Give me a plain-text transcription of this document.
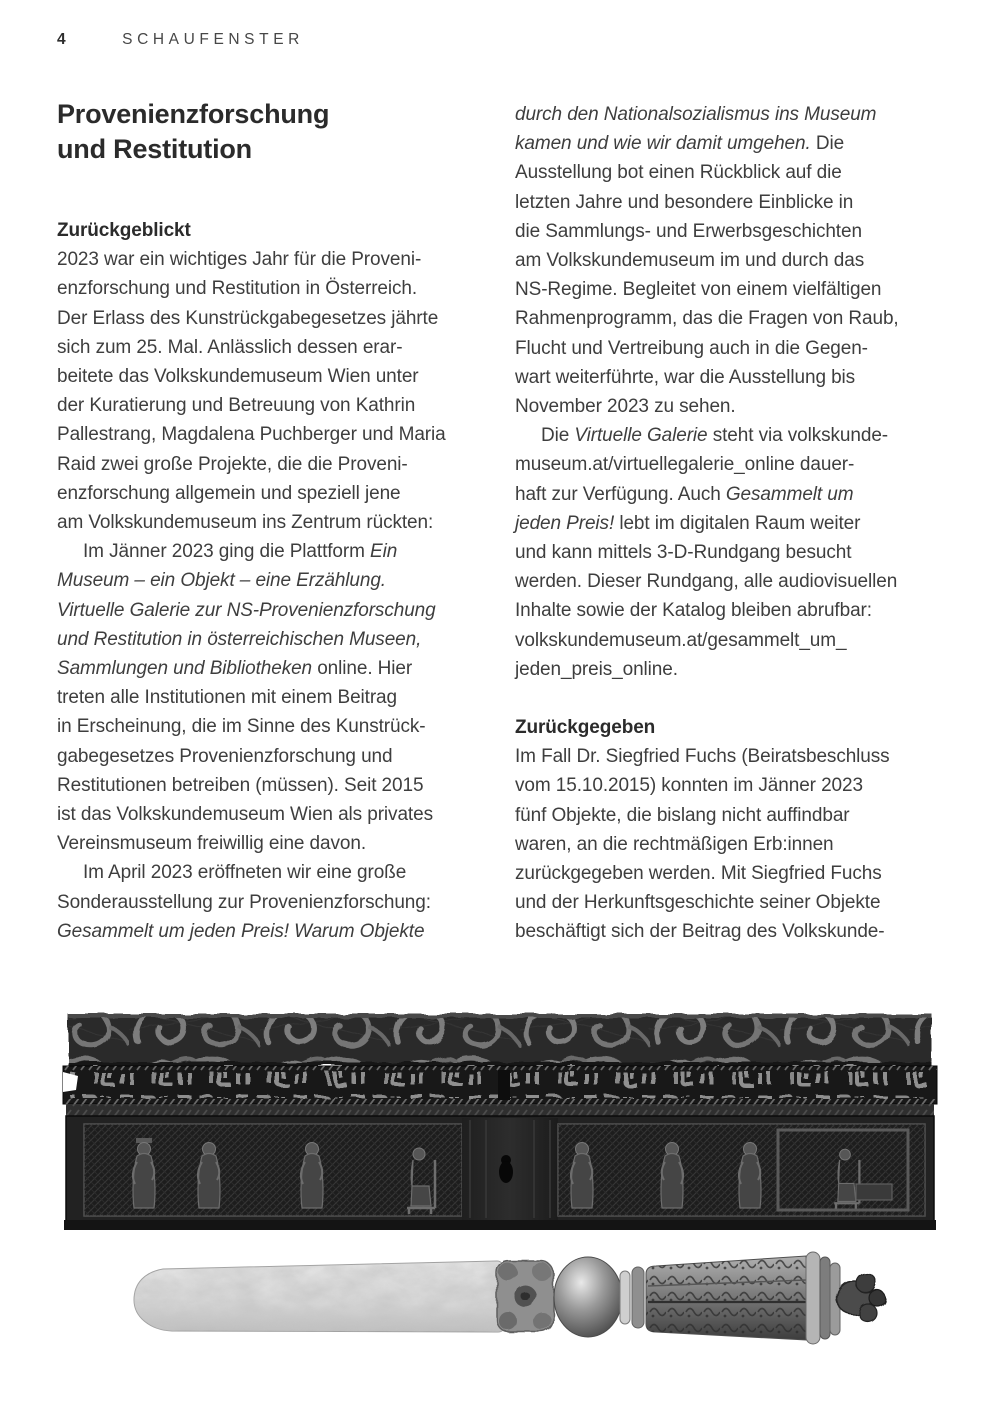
4	SCHAUFENSTER
Provenienzforschung
und Restitution
Zurückgeblickt
2023 war ein wichtiges Jahr für die Proveni-
enzforschung und Restitution in Österreich.
Der Erlass des Kunstrückgabegesetzes jährte
sich zum 25. Mal. Anlässlich dessen erar-
beitete das Volkskundemuseum Wien unter
der Kuratierung und Betreuung von Kathrin
Pallestrang, Magdalena Puchberger und Maria
Raid zwei große Projekte, die die Proveni-
enzforschung allgemein und speziell jene
am Volkskundemuseum ins Zentrum rückten:
Im Jänner 2023 ging die Plattform Ein
Museum – ein Objekt – eine Erzählung.
Virtuelle Galerie zur NS-Provenienzforschung
und Restitution in österreichischen Museen,
Sammlungen und Bibliotheken online. Hier
treten alle Institutionen mit einem Beitrag
in Erscheinung, die im Sinne des Kunstrück-
gabegesetzes Provenienzforschung und
Restitutionen betreiben (müssen). Seit 2015
ist das Volkskundemuseum Wien als privates
Vereinsmuseum freiwillig eine davon.
Im April 2023 eröffneten wir eine große
Sonderausstellung zur Provenienzforschung:
Gesammelt um jeden Preis! Warum Objekte
durch den Nationalsozialismus ins Museum
kamen und wie wir damit umgehen. Die
Ausstellung bot einen Rückblick auf die
letzten Jahre und besondere Einblicke in
die Sammlungs- und Erwerbsgeschichten
am Volkskundemuseum im und durch das
NS-Regime. Begleitet von einem vielfältigen
Rahmenprogramm, das die Fragen von Raub,
Flucht und Vertreibung auch in die Gegen-
wart weiterführte, war die Ausstellung bis
November 2023 zu sehen.
Die Virtuelle Galerie steht via volkskunde-
museum.at/virtuellegalerie_online dauer-
haft zur Verfügung. Auch Gesammelt um
jeden Preis! lebt im digitalen Raum weiter
und kann mittels 3-D-Rundgang besucht
werden. Dieser Rundgang, alle audiovisuellen
Inhalte sowie der Katalog bleiben abrufbar:
volkskundemuseum.at/gesammelt_um_
jeden_preis_online.
Zurückgegeben
Im Fall Dr. Siegfried Fuchs (Beiratsbeschluss
vom 15.10.2015) konnten im Jänner 2023
fünf Objekte, die bislang nicht auffindbar
waren, an die rechtmäßigen Erb:innen
zurückgegeben werden. Mit Siegfried Fuchs
und der Herkunftsgeschichte seiner Objekte
beschäftigt sich der Beitrag des Volkskunde-
